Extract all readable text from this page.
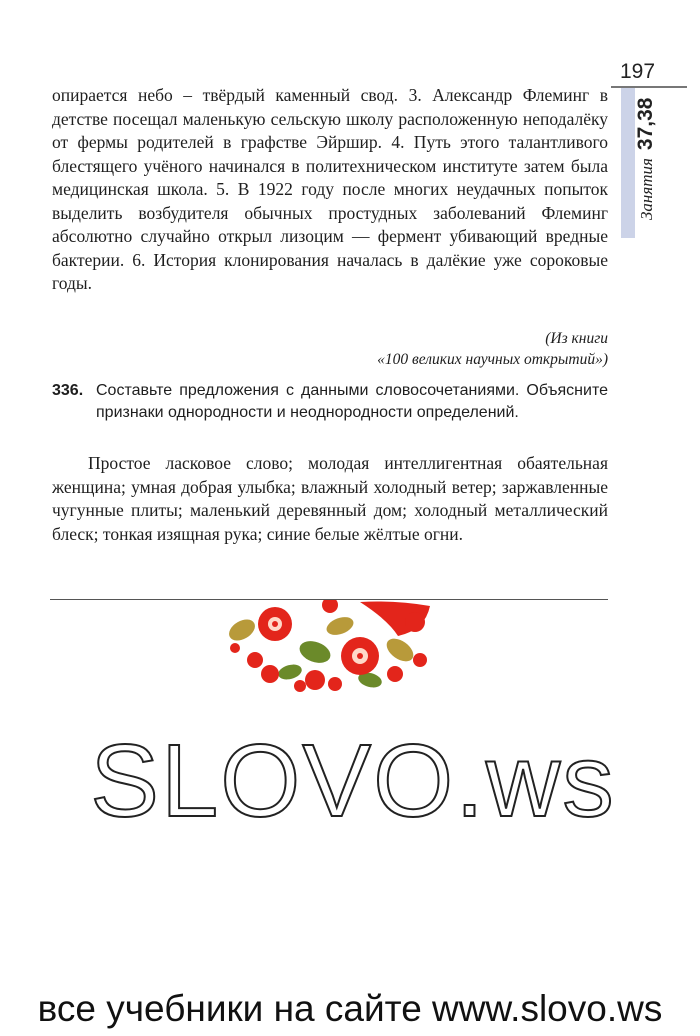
197
Занятия37,38
опирается небо – твёрдый каменный свод. 3. Александр Флеминг в детстве посещал маленькую сельскую школу расположенную неподалёку от фермы родителей в графстве Эйршир. 4. Путь этого талантливого блестящего учёного начинался в политехническом институте затем была медицинская школа. 5. В 1922 году после многих неудачных попыток выделить возбудителя обычных простудных заболеваний Флеминг абсолютно случайно открыл лизоцим — фермент убивающий вредные бактерии. 6. История клонирования началась в далёкие уже сороковые годы.
(Из книги
«100 великих научных открытий»)
336. Составьте предложения с данными словосочетаниями. Объясните признаки однородности и неоднородности определений.
Простое ласковое слово; молодая интеллигентная обаятельная женщина; умная добрая улыбка; влажный холодный ветер; заржавленные чугунные плиты; маленький деревянный дом; холодный металлический блеск; тонкая изящная рука; синие белые жёлтые огни.
SLOVO.ws
все учебники на сайте www.slovo.ws
